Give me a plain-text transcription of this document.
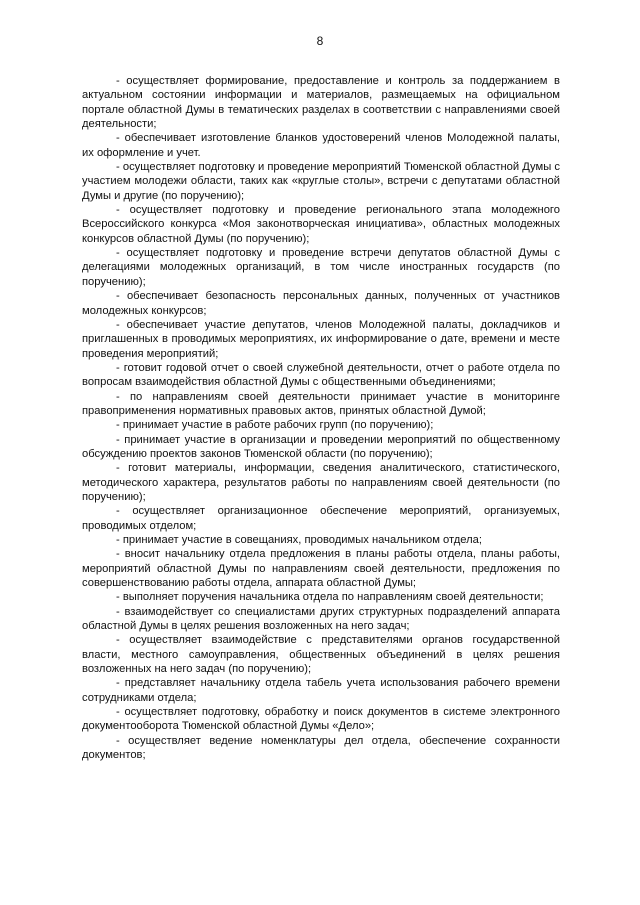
8

- осуществляет формирование, предоставление и контроль за поддержанием в актуальном состоянии информации и материалов, размещаемых на официальном портале областной Думы в тематических разделах в соответствии с направлениями своей деятельности;

- обеспечивает изготовление бланков удостоверений членов Молодежной палаты, их оформление и учет.

- осуществляет подготовку и проведение мероприятий Тюменской областной Думы с участием молодежи области, таких как «круглые столы», встречи с депутатами областной Думы и другие (по поручению);

- осуществляет подготовку и проведение регионального этапа молодежного Всероссийского конкурса «Моя законотворческая инициатива», областных молодежных конкурсов областной Думы (по поручению);

- осуществляет подготовку и проведение встречи депутатов областной Думы с делегациями молодежных организаций, в том числе иностранных государств (по поручению);

- обеспечивает безопасность персональных данных, полученных от участников молодежных конкурсов;

- обеспечивает участие депутатов, членов Молодежной палаты, докладчиков и приглашенных в проводимых мероприятиях, их информирование о дате, времени и месте проведения мероприятий;

- готовит годовой отчет о своей служебной деятельности, отчет о работе отдела по вопросам взаимодействия областной Думы с общественными объединениями;

- по направлениям своей деятельности принимает участие в мониторинге правоприменения нормативных правовых актов, принятых областной Думой;

- принимает участие в работе рабочих групп (по поручению);

- принимает участие в организации и проведении мероприятий по общественному обсуждению проектов законов Тюменской области (по поручению);

- готовит материалы, информации, сведения аналитического, статистического, методического характера, результатов работы по направлениям своей деятельности (по поручению);

- осуществляет организационное обеспечение мероприятий, организуемых, проводимых отделом;

- принимает участие в совещаниях, проводимых начальником отдела;

- вносит начальнику отдела предложения в планы работы отдела, планы работы, мероприятий областной Думы по направлениям своей деятельности, предложения по совершенствованию работы отдела, аппарата областной Думы;

- выполняет поручения начальника отдела по направлениям своей деятельности;

- взаимодействует со специалистами других структурных подразделений аппарата областной Думы в целях решения возложенных на него задач;

- осуществляет взаимодействие с представителями органов государственной власти, местного самоуправления, общественных объединений в целях решения возложенных на него задач (по поручению);

- представляет начальнику отдела табель учета использования рабочего времени сотрудниками отдела;

- осуществляет подготовку, обработку и поиск документов в системе электронного документооборота Тюменской областной Думы «Дело»;

- осуществляет ведение номенклатуры дел отдела, обеспечение сохранности документов;
